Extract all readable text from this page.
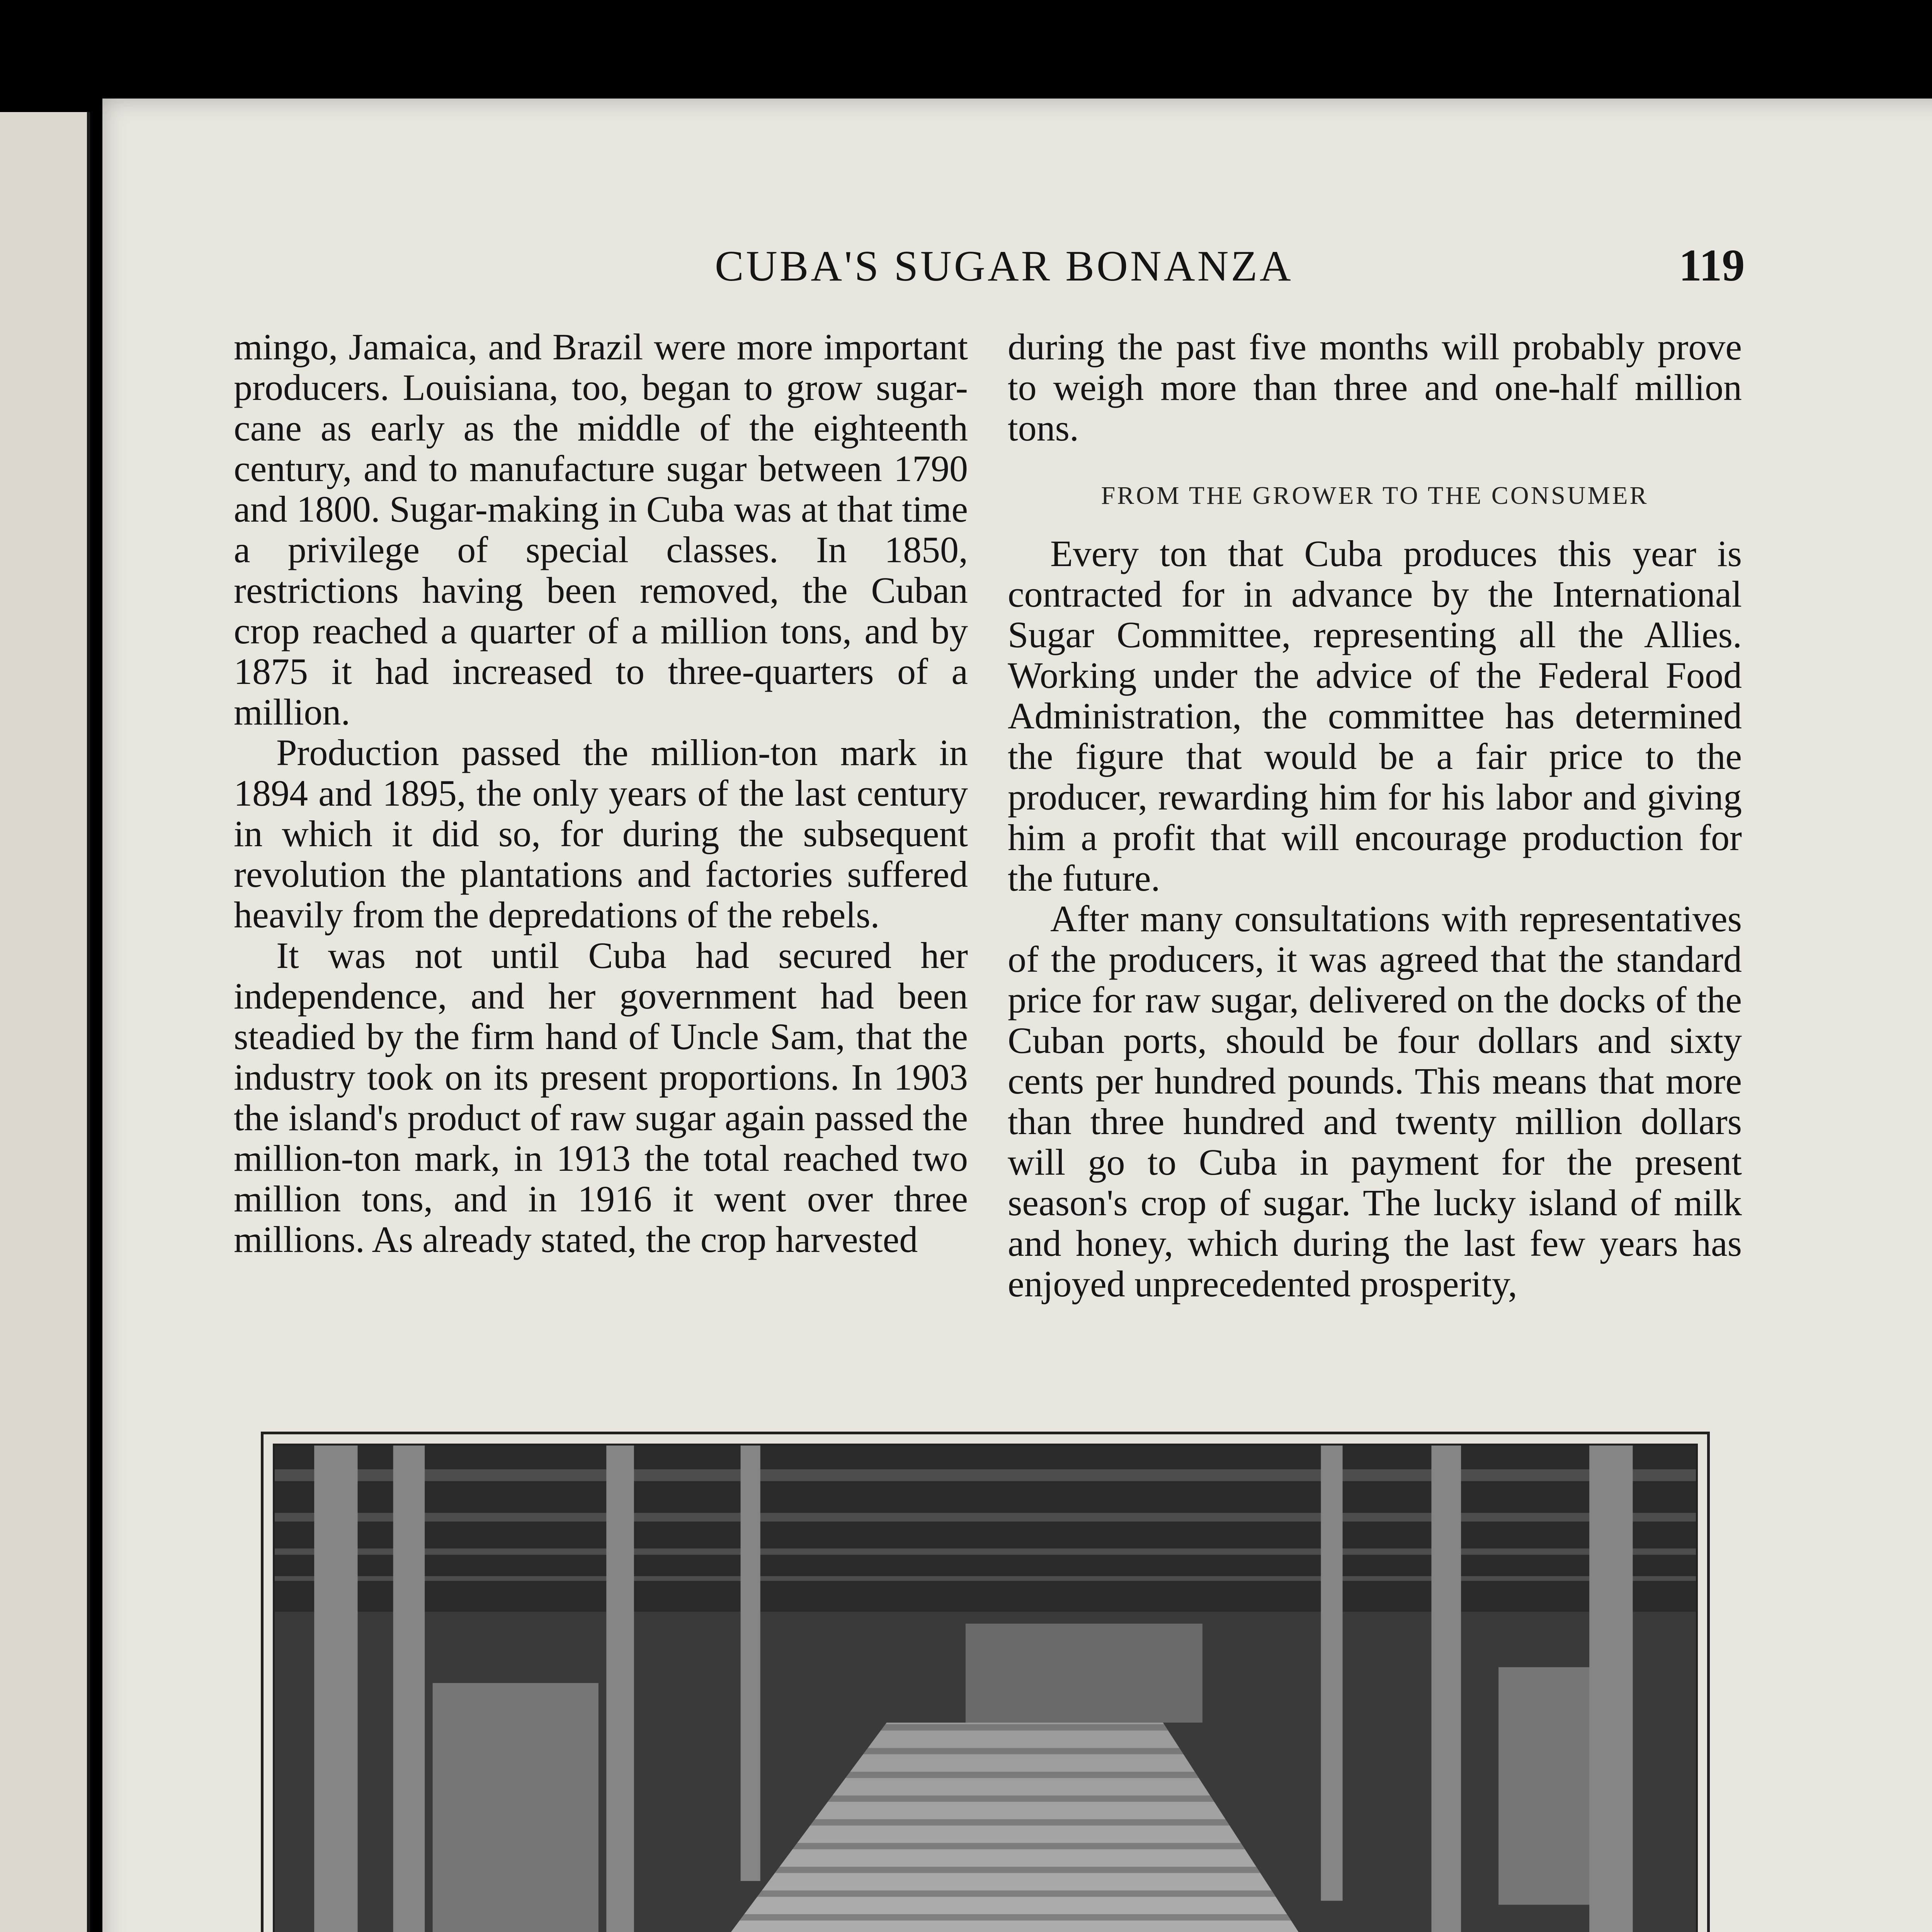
CUBA'S SUGAR BONANZA	119

mingo, Jamaica, and Brazil were more important producers. Louisiana, too, began to grow sugar-cane as early as the middle of the eighteenth century, and to manufacture sugar between 1790 and 1800. Sugar-making in Cuba was at that time a privilege of special classes. In 1850, restrictions having been removed, the Cuban crop reached a quarter of a million tons, and by 1875 it had increased to three-quarters of a million.

Production passed the million-ton mark in 1894 and 1895, the only years of the last century in which it did so, for during the subsequent revolution the plantations and factories suffered heavily from the depredations of the rebels.

It was not until Cuba had secured her independence, and her government had been steadied by the firm hand of Uncle Sam, that the industry took on its present proportions. In 1903 the island's product of raw sugar again passed the million-ton mark, in 1913 the total reached two million tons, and in 1916 it went over three millions. As already stated, the crop harvested

during the past five months will probably prove to weigh more than three and one-half million tons.

FROM THE GROWER TO THE CONSUMER

Every ton that Cuba produces this year is contracted for in advance by the International Sugar Committee, representing all the Allies. Working under the advice of the Federal Food Administration, the committee has determined the figure that would be a fair price to the producer, rewarding him for his labor and giving him a profit that will encourage production for the future.

After many consultations with representatives of the producers, it was agreed that the standard price for raw sugar, delivered on the docks of the Cuban ports, should be four dollars and sixty cents per hundred pounds. This means that more than three hundred and twenty million dollars will go to Cuba in payment for the present season's crop of sugar. The lucky island of milk and honey, which during the last few years has enjoyed unprecedented prosperity,
